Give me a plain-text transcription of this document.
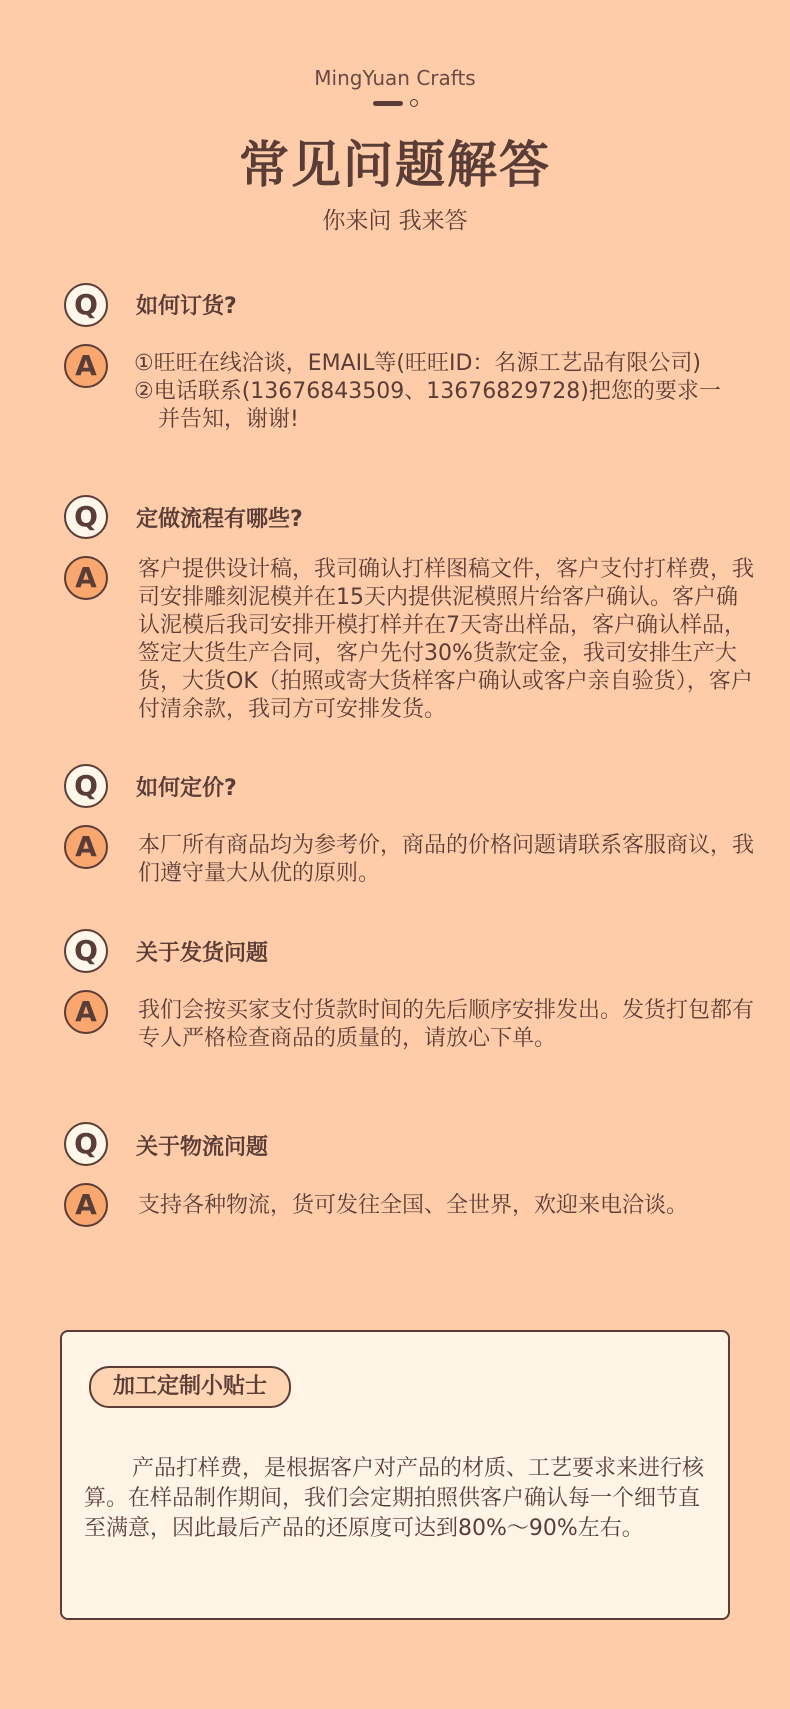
MingYuan Crafts
常见问题解答
你来问 我来答
Q	如何订货?
A	①旺旺在线洽谈，EMAIL等(旺旺ID：名源工艺品有限公司)
②电话联系(13676843509、13676829728)把您的要求一并告知，谢谢!
Q	定做流程有哪些?
A	客户提供设计稿，我司确认打样图稿文件，客户支付打样费，我司安排雕刻泥模并在15天内提供泥模照片给客户确认。客户确认泥模后我司安排开模打样并在7天寄出样品，客户确认样品， 签定大货生产合同，客户先付30%货款定金，我司安排生产大货，大货OK（拍照或寄大货样客户确认或客户亲自验货），客户付清余款，我司方可安排发货。
Q	如何定价?
A	本厂所有商品均为参考价，商品的价格问题请联系客服商议，我们遵守量大从优的原则。
Q	关于发货问题
A	我们会按买家支付货款时间的先后顺序安排发出。发货打包都有专人严格检查商品的质量的，请放心下单。
Q	关于物流问题
A	支持各种物流，货可发往全国、全世界，欢迎来电洽谈。
加工定制小贴士
产品打样费，是根据客户对产品的材质、工艺要求来进行核算。在样品制作期间，我们会定期拍照供客户确认每一个细节直至满意，因此最后产品的还原度可达到80%～90%左右。
